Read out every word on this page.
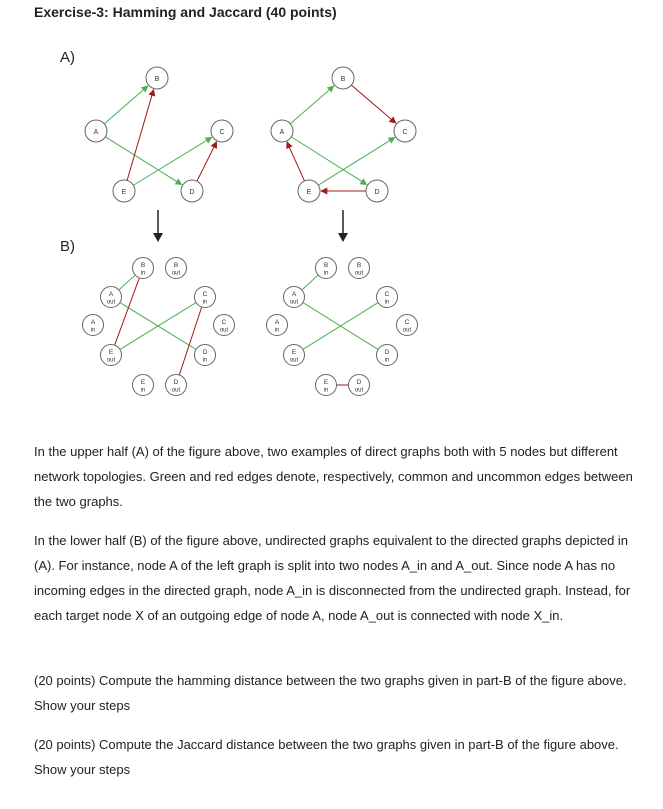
Exercise-3: Hamming and Jaccard (40 points)
A)
B)
A
B
C
D
E
A
B
C
D
E
B
in
B
out
A
out
C
in
A
in
C
out
E
out
D
in
E
in
D
out
B
in
B
out
A
out
C
in
A
in
C
out
E
out
D
in
E
in
D
out

In the upper half (A) of the figure above, two examples of direct graphs both with 5 nodes but different network topologies. Green and red edges denote, respectively, common and uncommon edges between the two graphs.

In the lower half (B) of the figure above, undirected graphs equivalent to the directed graphs depicted in (A). For instance, node A of the left graph is split into two nodes A_in and A_out. Since node A has no incoming edges in the directed graph, node A_in is disconnected from the undirected graph. Instead, for each target node X of an outgoing edge of node A, node A_out is connected with node X_in.

(20 points) Compute the hamming distance between the two graphs given in part-B of the figure above. Show your steps

(20 points) Compute the Jaccard distance between the two graphs given in part-B of the figure above. Show your steps
